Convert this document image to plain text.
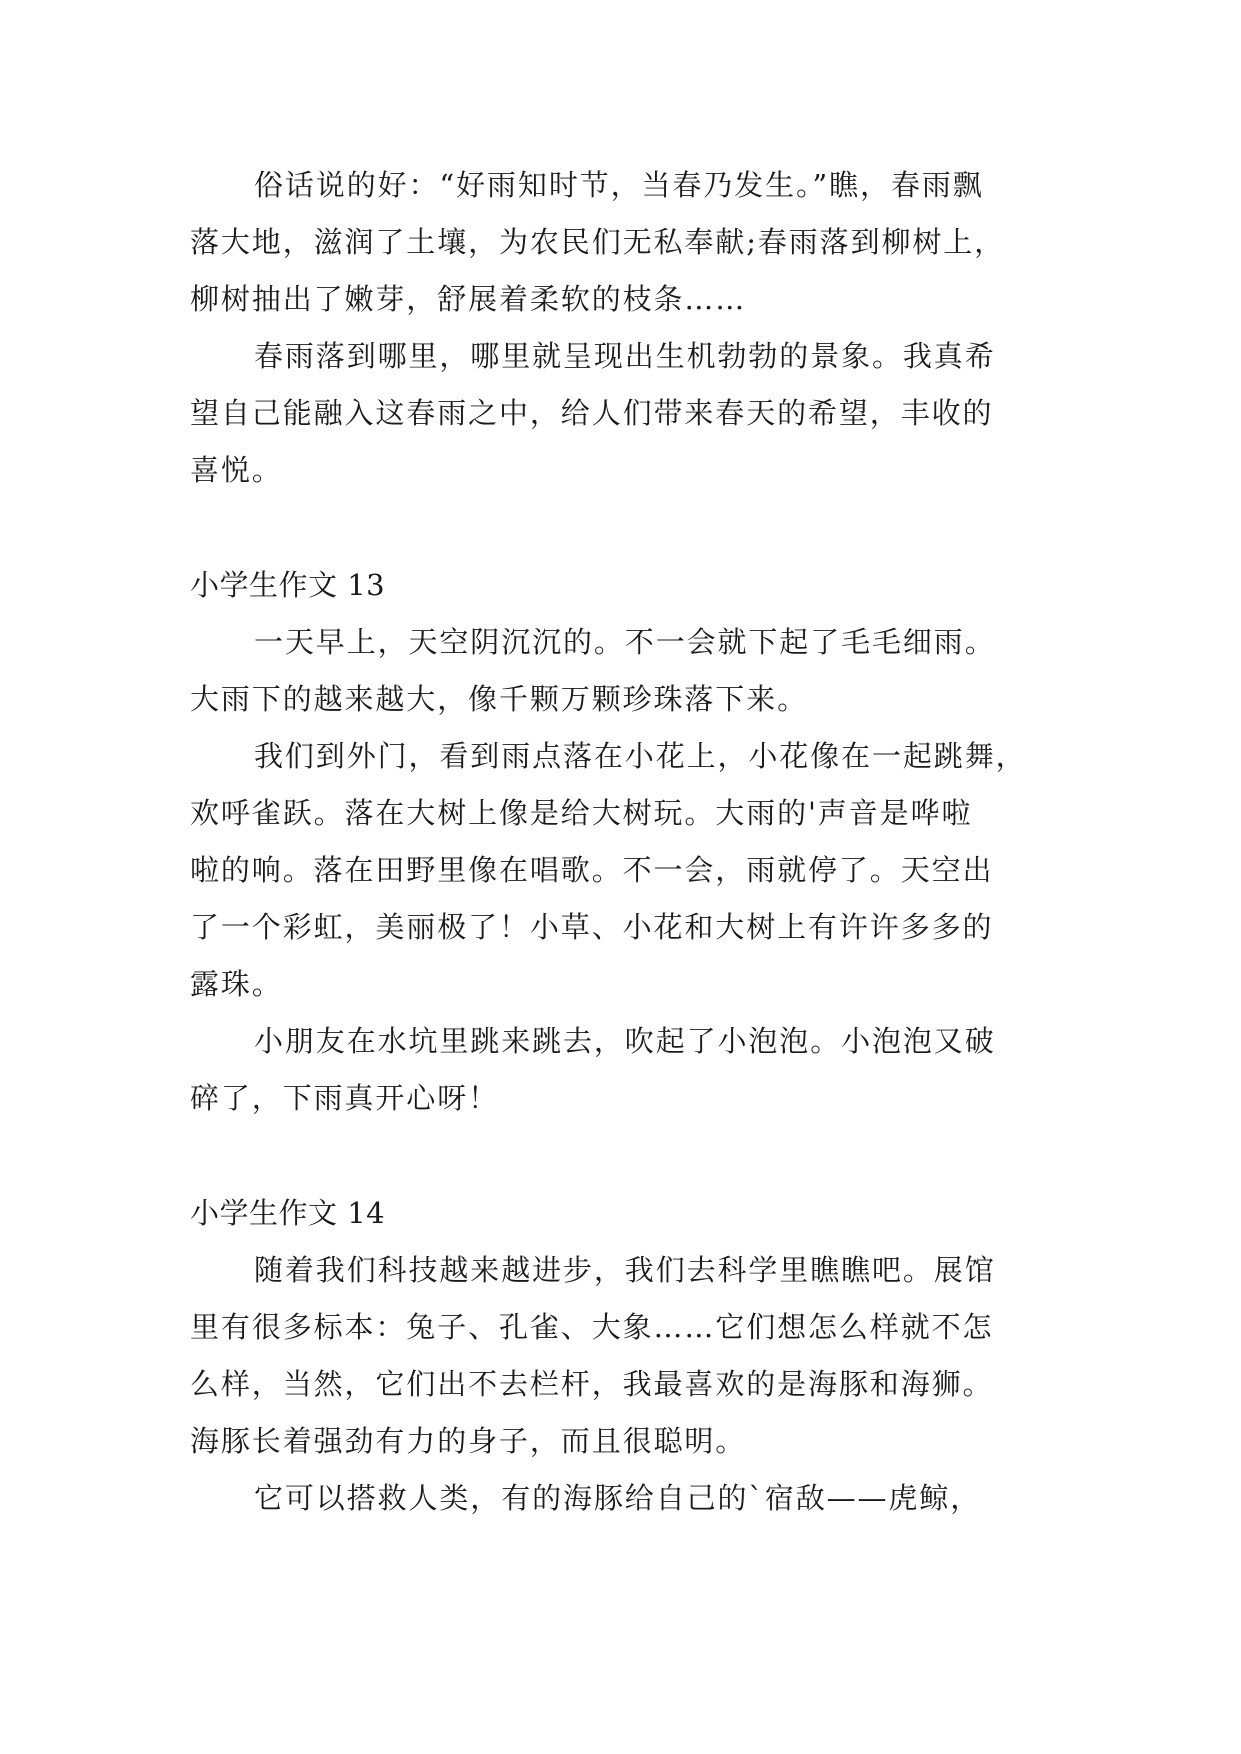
俗话说的好：“好雨知时节，当春乃发生。”瞧，春雨飘
落大地，滋润了土壤，为农民们无私奉献;春雨落到柳树上，
柳树抽出了嫩芽，舒展着柔软的枝条……
春雨落到哪里，哪里就呈现出生机勃勃的景象。我真希
望自己能融入这春雨之中，给人们带来春天的希望，丰收的
喜悦。
小学生作文 13
一天早上，天空阴沉沉的。不一会就下起了毛毛细雨。
大雨下的越来越大，像千颗万颗珍珠落下来。
我们到外门，看到雨点落在小花上，小花像在一起跳舞，
欢呼雀跃。落在大树上像是给大树玩。大雨的'声音是哗啦
啦的响。落在田野里像在唱歌。不一会，雨就停了。天空出
了一个彩虹，美丽极了！小草、小花和大树上有许许多多的
露珠。
小朋友在水坑里跳来跳去，吹起了小泡泡。小泡泡又破
碎了，下雨真开心呀！
小学生作文 14
随着我们科技越来越进步，我们去科学里瞧瞧吧。展馆
里有很多标本：兔子、孔雀、大象……它们想怎么样就不怎
么样，当然，它们出不去栏杆，我最喜欢的是海豚和海狮。
海豚长着强劲有力的身子，而且很聪明。
它可以搭救人类，有的海豚给自己的`宿敌——虎鲸，
